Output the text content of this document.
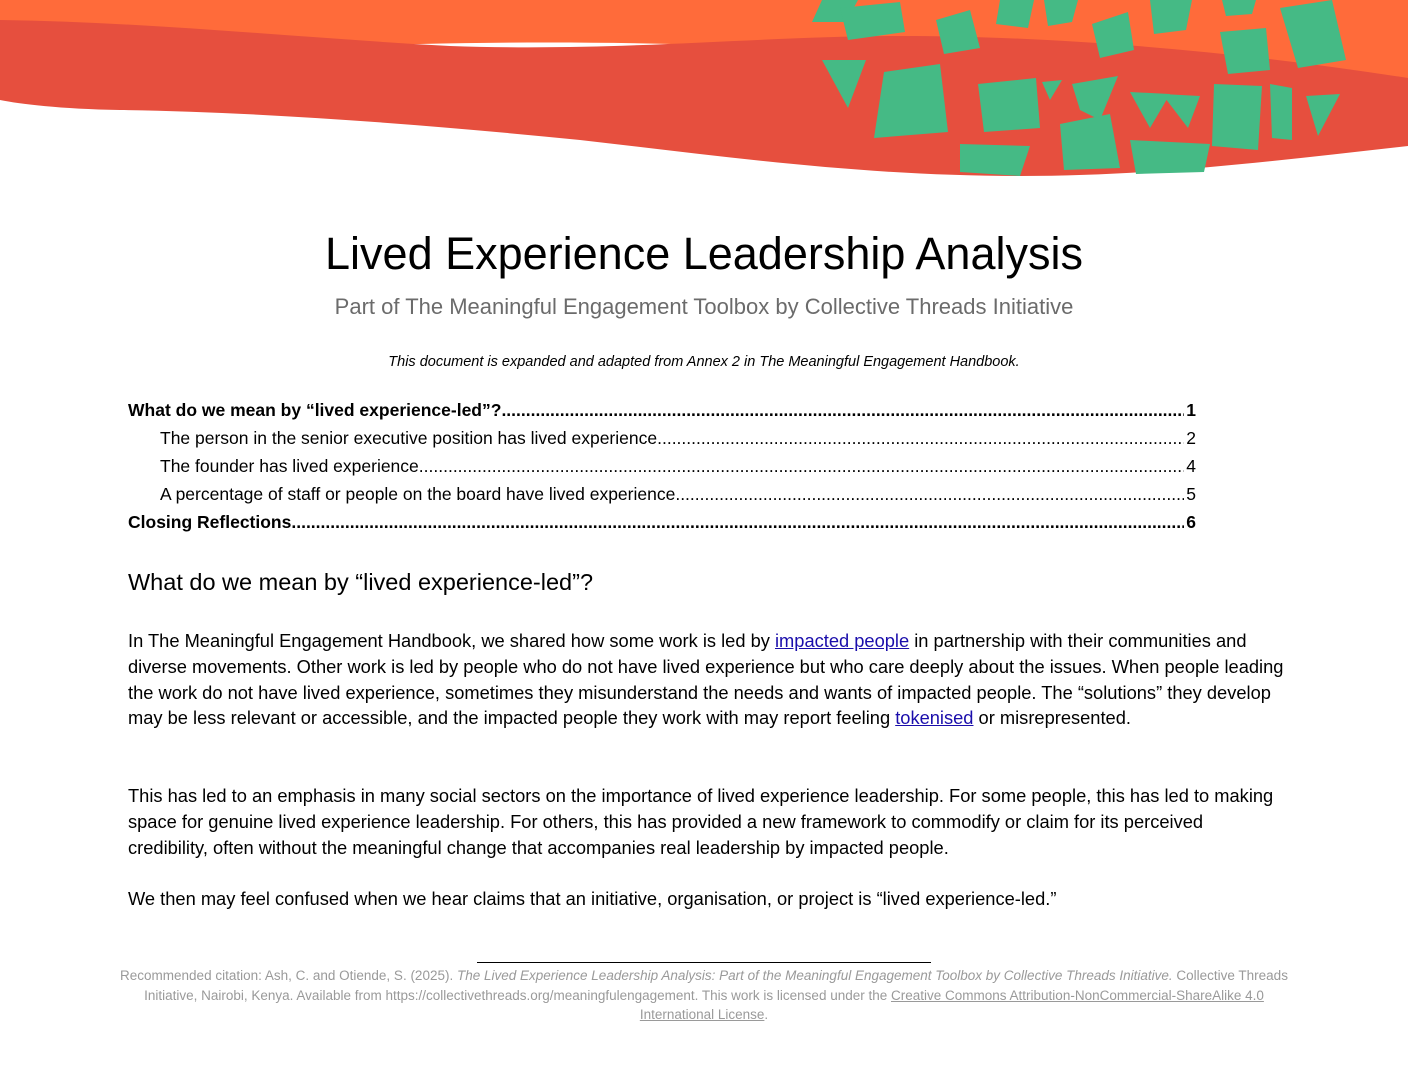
Lived Experience Leadership Analysis
Part of The Meaningful Engagement Toolbox by Collective Threads Initiative
This document is expanded and adapted from Annex 2 in The Meaningful Engagement Handbook.
What do we mean by “lived experience-led”? .....	1
The person in the senior executive position has lived experience. .....	2
The founder has lived experience. .....	4
A percentage of staff or people on the board have lived experience. .....	5
Closing Reflections. .....	6
What do we mean by “lived experience-led”?

In The Meaningful Engagement Handbook, we shared how some work is led by impacted people in partnership with their communities and diverse movements. Other work is led by people who do not have lived experience but who care deeply about the issues. When people leading the work do not have lived experience, sometimes they misunderstand the needs and wants of impacted people. The “solutions” they develop may be less relevant or accessible, and the impacted people they work with may report feeling tokenised or misrepresented.

This has led to an emphasis in many social sectors on the importance of lived experience leadership. For some people, this has led to making space for genuine lived experience leadership. For others, this has provided a new framework to commodify or claim for its perceived credibility, often without the meaningful change that accompanies real leadership by impacted people.

We then may feel confused when we hear claims that an initiative, organisation, or project is “lived experience-led.”

Recommended citation: Ash, C. and Otiende, S. (2025). The Lived Experience Leadership Analysis: Part of the Meaningful Engagement Toolbox by Collective Threads Initiative. Collective Threads Initiative, Nairobi, Kenya. Available from https://collectivethreads.org/meaningfulengagement. This work is licensed under the Creative Commons Attribution-NonCommercial-ShareAlike 4.0 International License.
